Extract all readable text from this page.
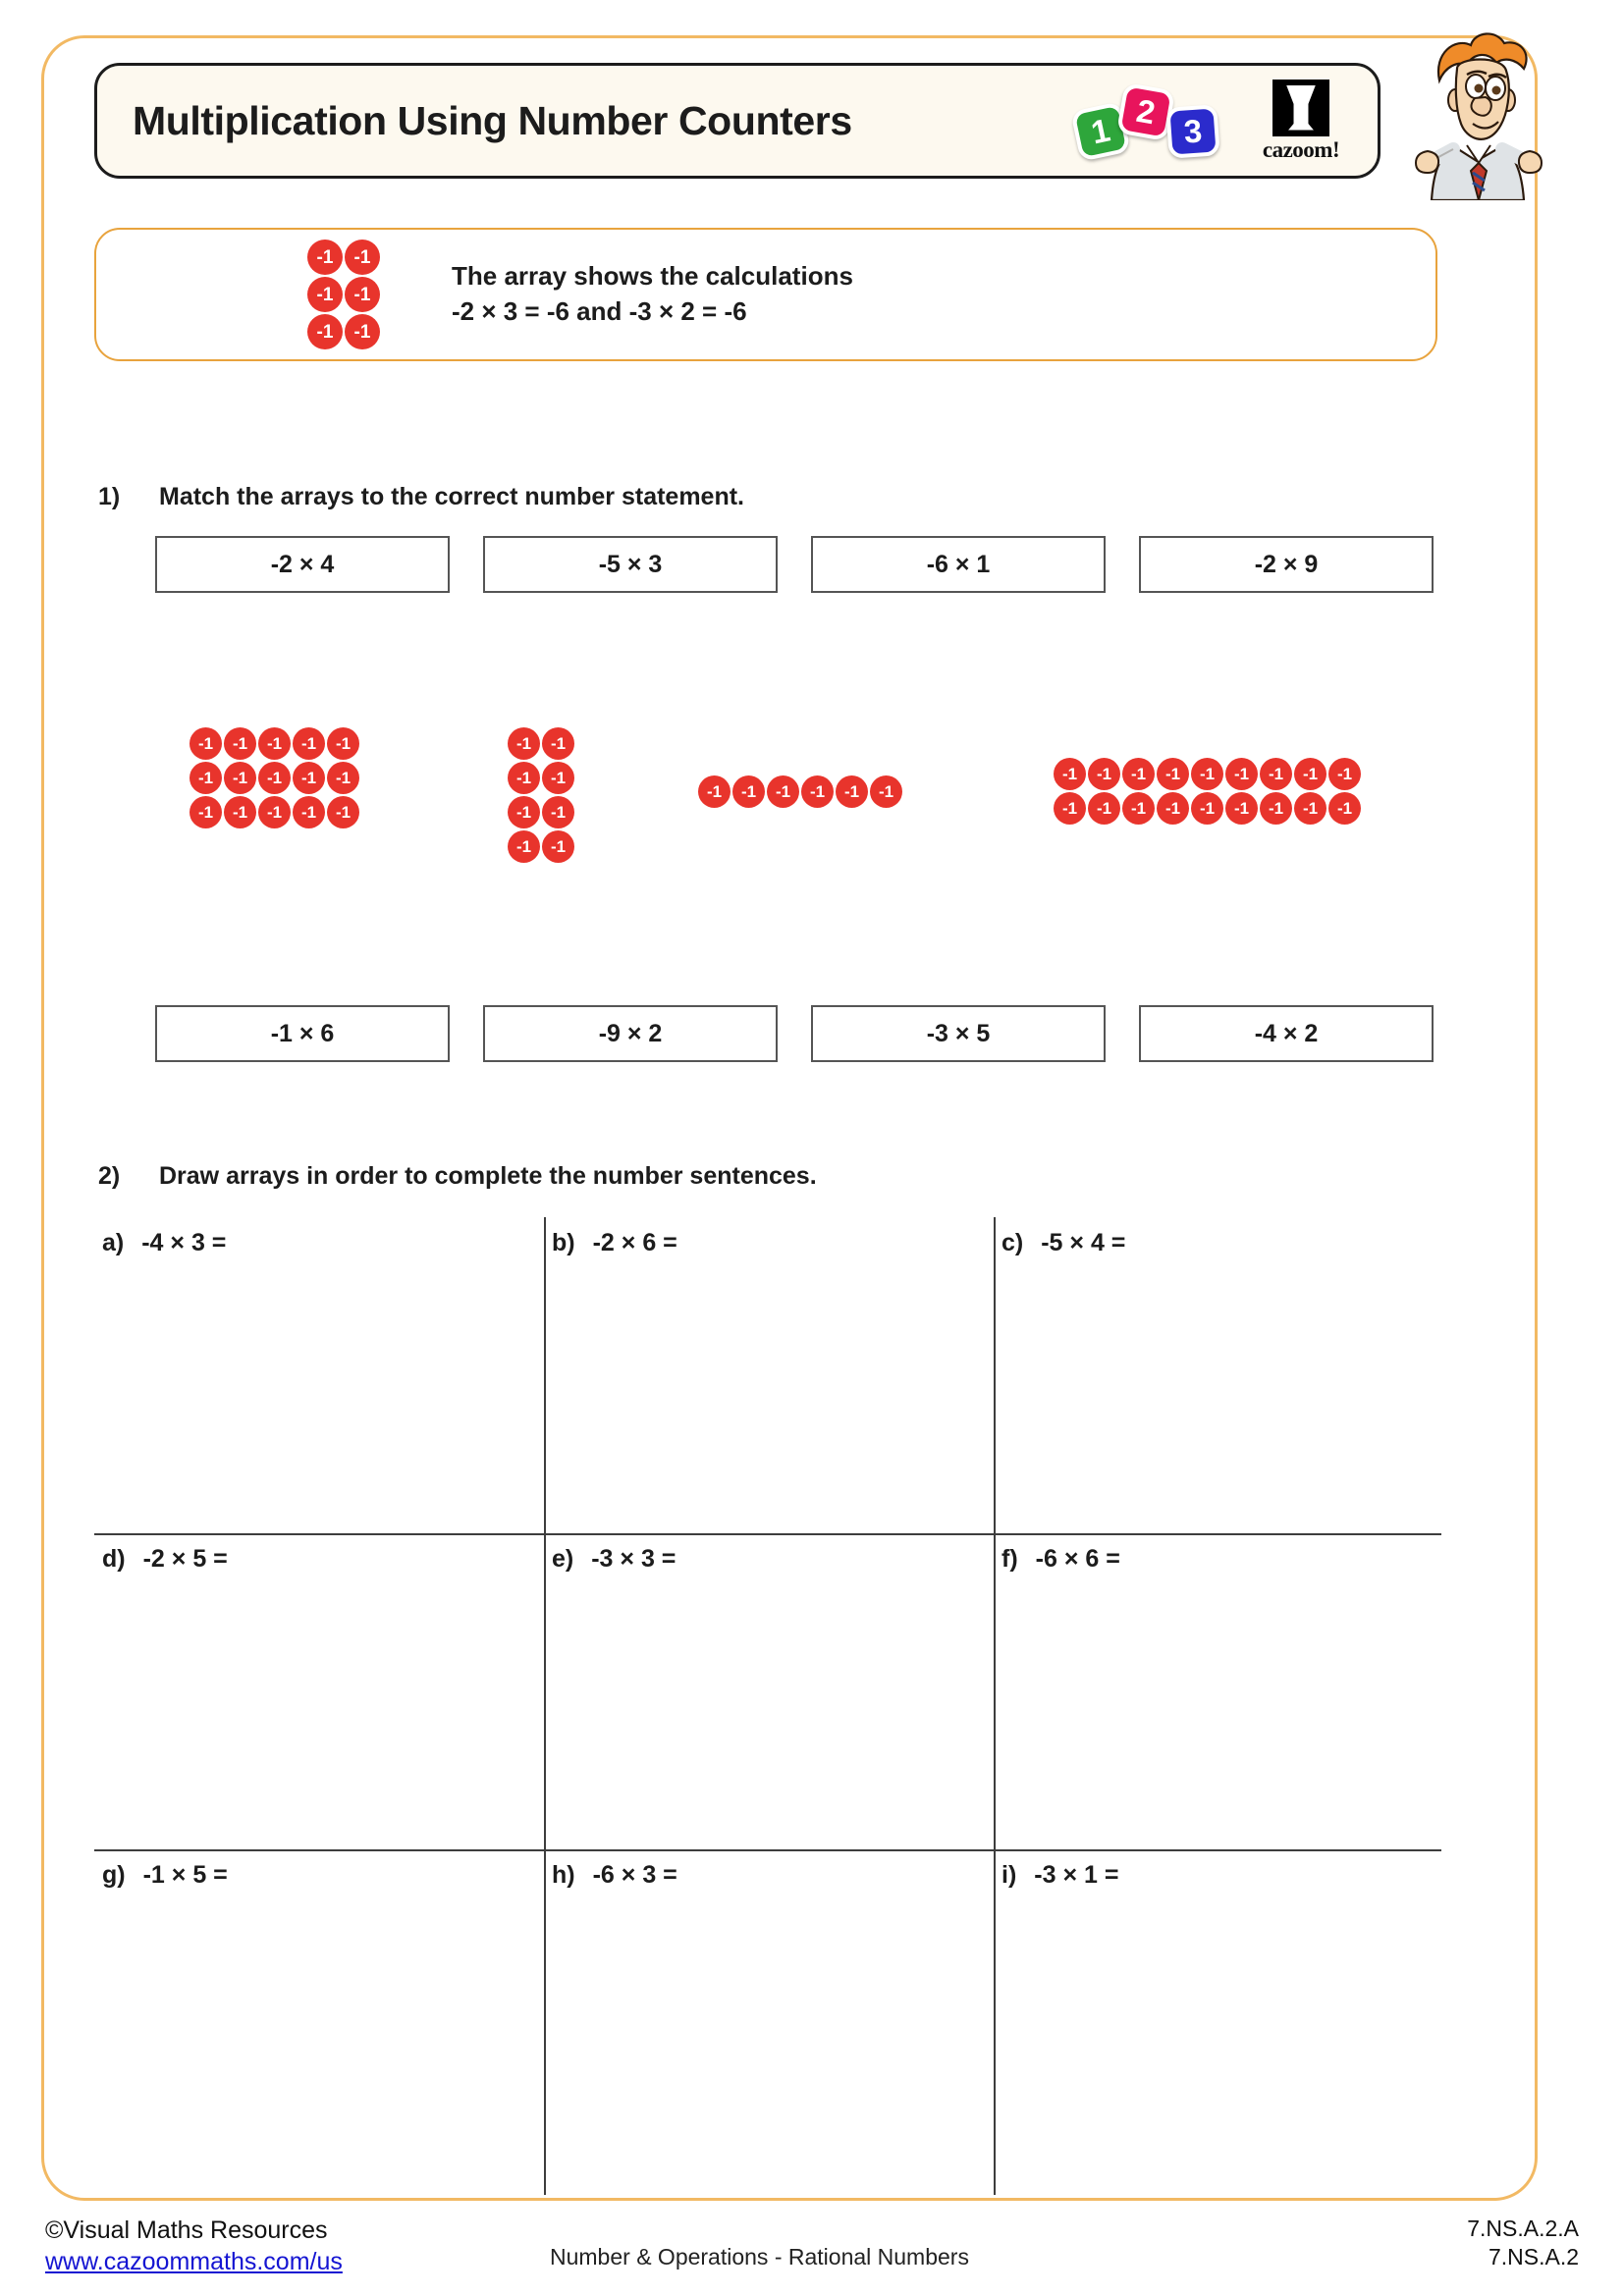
Multiplication Using Number Counters	1
2
3	cazoom!
-1	-1
-1	-1
-1	-1
The array shows the calculations
-2 × 3 = -6 and -3 × 2 = -6
1) Match the arrays to the correct number statement.
-2 × 4	-5 × 3	-6 × 1	-2 × 9
-1	-1	-1	-1	-1
-1	-1	-1	-1	-1
-1	-1	-1	-1	-1
-1	-1
-1	-1
-1	-1
-1	-1
-1	-1	-1	-1	-1	-1
-1	-1	-1	-1	-1	-1	-1	-1	-1
-1	-1	-1	-1	-1	-1	-1	-1	-1
-1 × 6	-9 × 2	-3 × 5	-4 × 2
2) Draw arrays in order to complete the number sentences.
a) -4 × 3 =	b) -2 × 6 =	c) -5 × 4 =
d) -2 × 5 =	e) -3 × 3 =	f) -6 × 6 =
g) -1 × 5 =	h) -6 × 3 =	i) -3 × 1 =
©Visual Maths Resources
www.cazoommaths.com/us	Number & Operations - Rational Numbers
7.NS.A.2.A
7.NS.A.2
